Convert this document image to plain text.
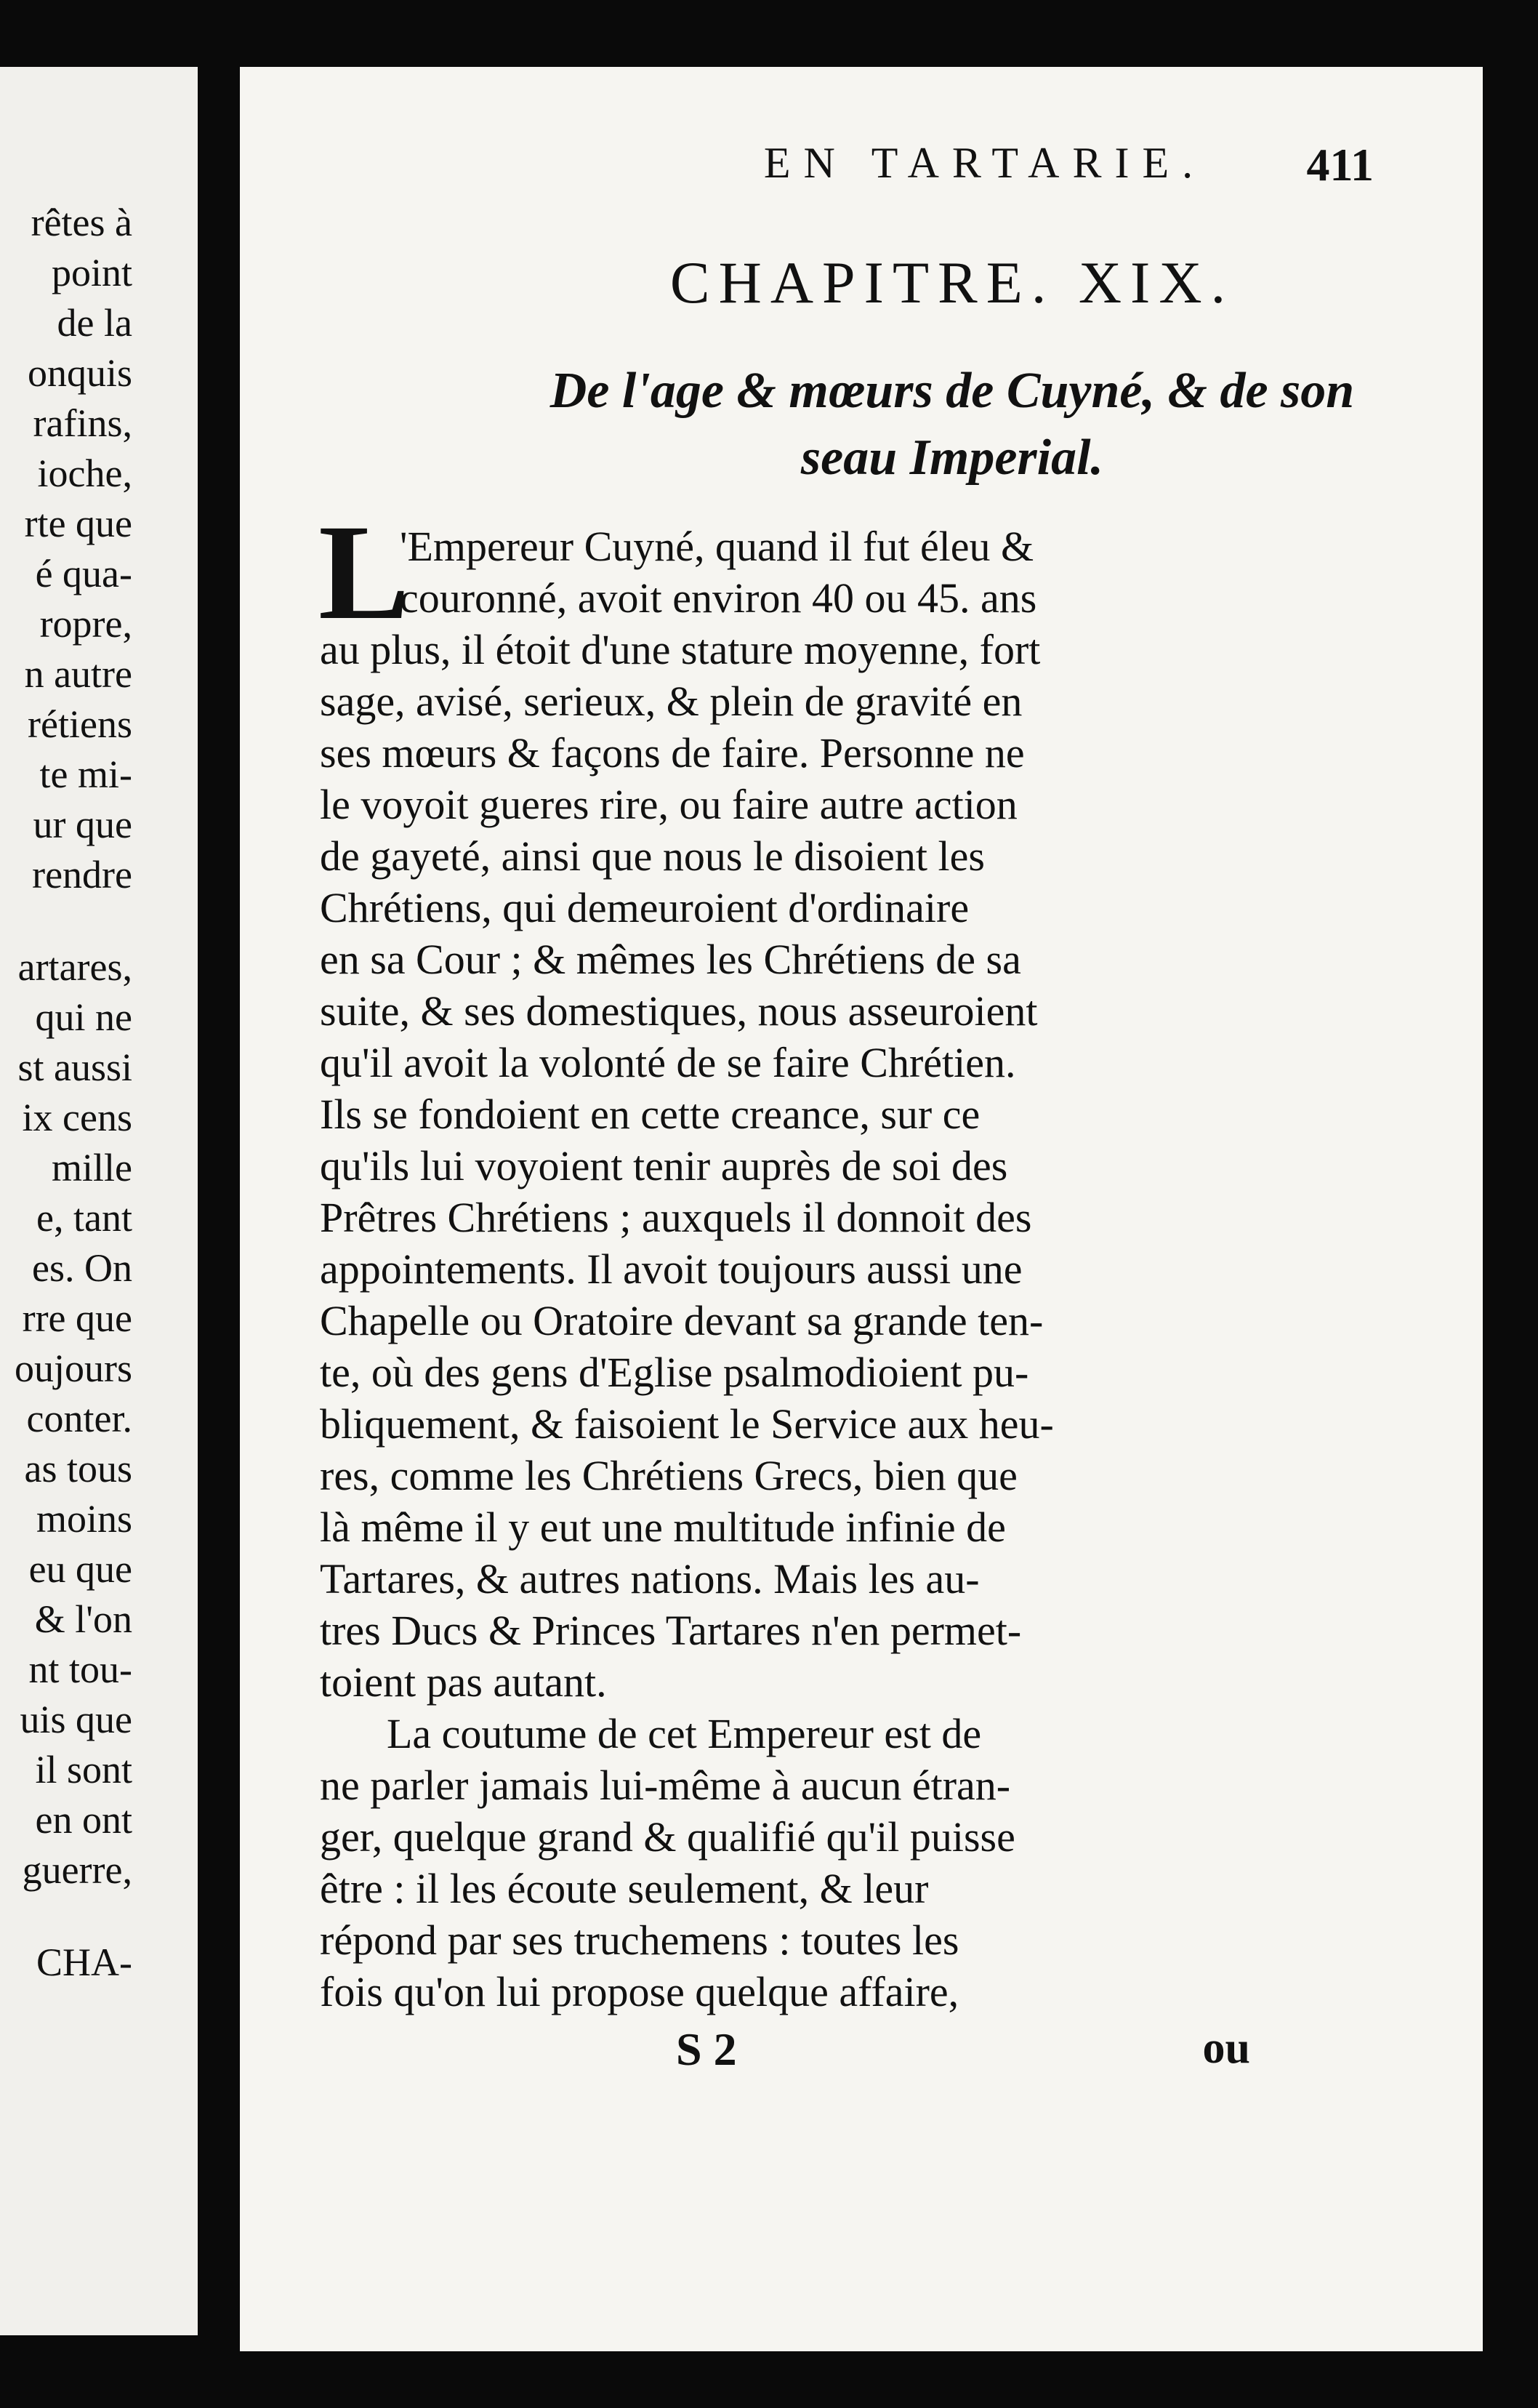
rêtes à
point
de la
onquis
rafins,
ioche,
rte que
é qua-
ropre,
n autre
rétiens
te mi-
ur que
rendre
artares,
qui ne
st aussi
ix cens
mille
e, tant
es. On
rre que
oujours
conter.
as tous
moins
eu que
& l'on
nt tou-
uis que
il sont
en ont
guerre,
CHA-
EN TARTARIE.	411
CHAPITRE. XIX.
De l'age & mœurs de Cuyné, & de son
seau Imperial.
L
'Empereur Cuyné, quand il fut éleu &
couronné, avoit environ 40 ou 45. ans
au plus, il étoit d'une stature moyenne, fort
sage, avisé, serieux, & plein de gravité en
ses mœurs & façons de faire. Personne ne
le voyoit gueres rire, ou faire autre action
de gayeté, ainsi que nous le disoient les
Chrétiens, qui demeuroient d'ordinaire
en sa Cour ; & mêmes les Chrétiens de sa
suite, & ses domestiques, nous asseuroient
qu'il avoit la volonté de se faire Chrétien.
Ils se fondoient en cette creance, sur ce
qu'ils lui voyoient tenir auprès de soi des
Prêtres Chrétiens ; auxquels il donnoit des
appointements. Il avoit toujours aussi une
Chapelle ou Oratoire devant sa grande ten-
te, où des gens d'Eglise psalmodioient pu-
bliquement, & faisoient le Service aux heu-
res, comme les Chrétiens Grecs, bien que
là même il y eut une multitude infinie de
Tartares, & autres nations. Mais les au-
tres Ducs & Princes Tartares n'en permet-
toient pas autant.
La coutume de cet Empereur est de
ne parler jamais lui-même à aucun étran-
ger, quelque grand & qualifié qu'il puisse
être : il les écoute seulement, & leur
répond par ses truchemens : toutes les
fois qu'on lui propose quelque affaire,
S 2	ou
